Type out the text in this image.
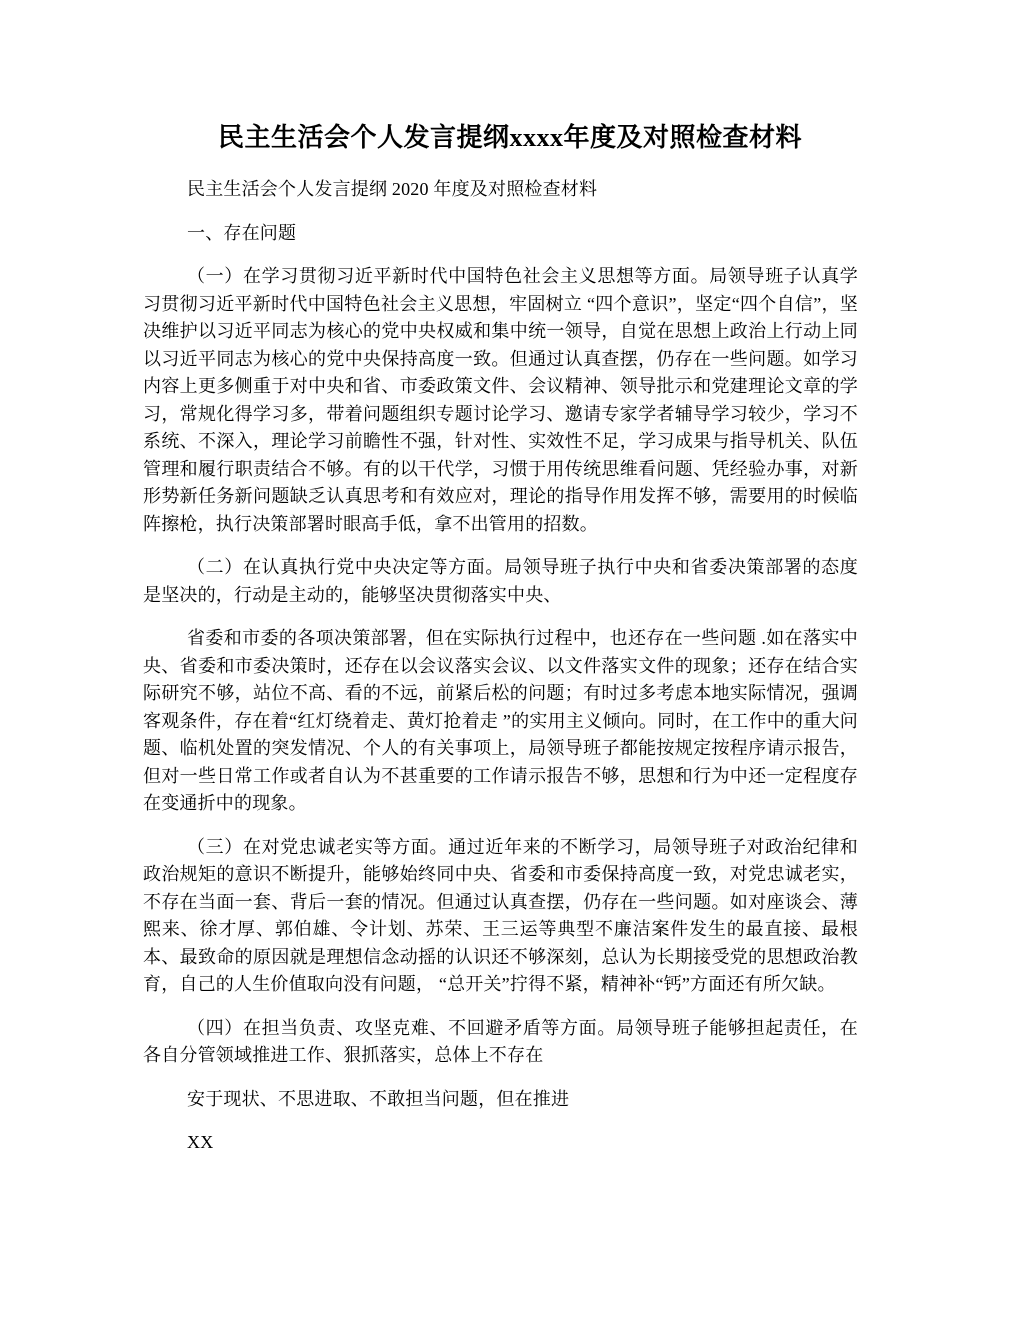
民主生活会个人发言提纲xxxx年度及对照检查材料

民主生活会个人发言提纲 2020 年度及对照检查材料

一、存在问题

（一）在学习贯彻习近平新时代中国特色社会主义思想等方面。局领导班子认真学习贯彻习近平新时代中国特色社会主义思想，牢固树立 “四个意识”，坚定“四个自信”，坚决维护以习近平同志为核心的党中央权威和集中统一领导，自觉在思想上政治上行动上同以习近平同志为核心的党中央保持高度一致。但通过认真查摆，仍存在一些问题。如学习内容上更多侧重于对中央和省、市委政策文件、会议精神、领导批示和党建理论文章的学习，常规化得学习多，带着问题组织专题讨论学习、邀请专家学者辅导学习较少，学习不系统、不深入，理论学习前瞻性不强，针对性、实效性不足，学习成果与指导机关、队伍管理和履行职责结合不够。有的以干代学，习惯于用传统思维看问题、凭经验办事，对新形势新任务新问题缺乏认真思考和有效应对，理论的指导作用发挥不够，需要用的时候临阵擦枪，执行决策部署时眼高手低，拿不出管用的招数。

（二）在认真执行党中央决定等方面。局领导班子执行中央和省委决策部署的态度是坚决的，行动是主动的，能够坚决贯彻落实中央、

省委和市委的各项决策部署，但在实际执行过程中，也还存在一些问题 .如在落实中央、省委和市委决策时，还存在以会议落实会议、以文件落实文件的现象；还存在结合实际研究不够，站位不高、看的不远，前紧后松的问题；有时过多考虑本地实际情况，强调客观条件，存在着“红灯绕着走、黄灯抢着走 ”的实用主义倾向。同时，在工作中的重大问题、临机处置的突发情况、个人的有关事项上，局领导班子都能按规定按程序请示报告，但对一些日常工作或者自认为不甚重要的工作请示报告不够，思想和行为中还一定程度存在变通折中的现象。

（三）在对党忠诚老实等方面。通过近年来的不断学习，局领导班子对政治纪律和政治规矩的意识不断提升，能够始终同中央、省委和市委保持高度一致，对党忠诚老实，不存在当面一套、背后一套的情况。但通过认真查摆，仍存在一些问题。如对座谈会、薄熙来、徐才厚、郭伯雄、令计划、苏荣、王三运等典型不廉洁案件发生的最直接、最根本、最致命的原因就是理想信念动摇的认识还不够深刻，总认为长期接受党的思想政治教育，自己的人生价值取向没有问题， “总开关”拧得不紧，精神补“钙”方面还有所欠缺。

（四）在担当负责、攻坚克难、不回避矛盾等方面。局领导班子能够担起责任，在各自分管领域推进工作、狠抓落实，总体上不存在

安于现状、不思进取、不敢担当问题，但在推进

XX
